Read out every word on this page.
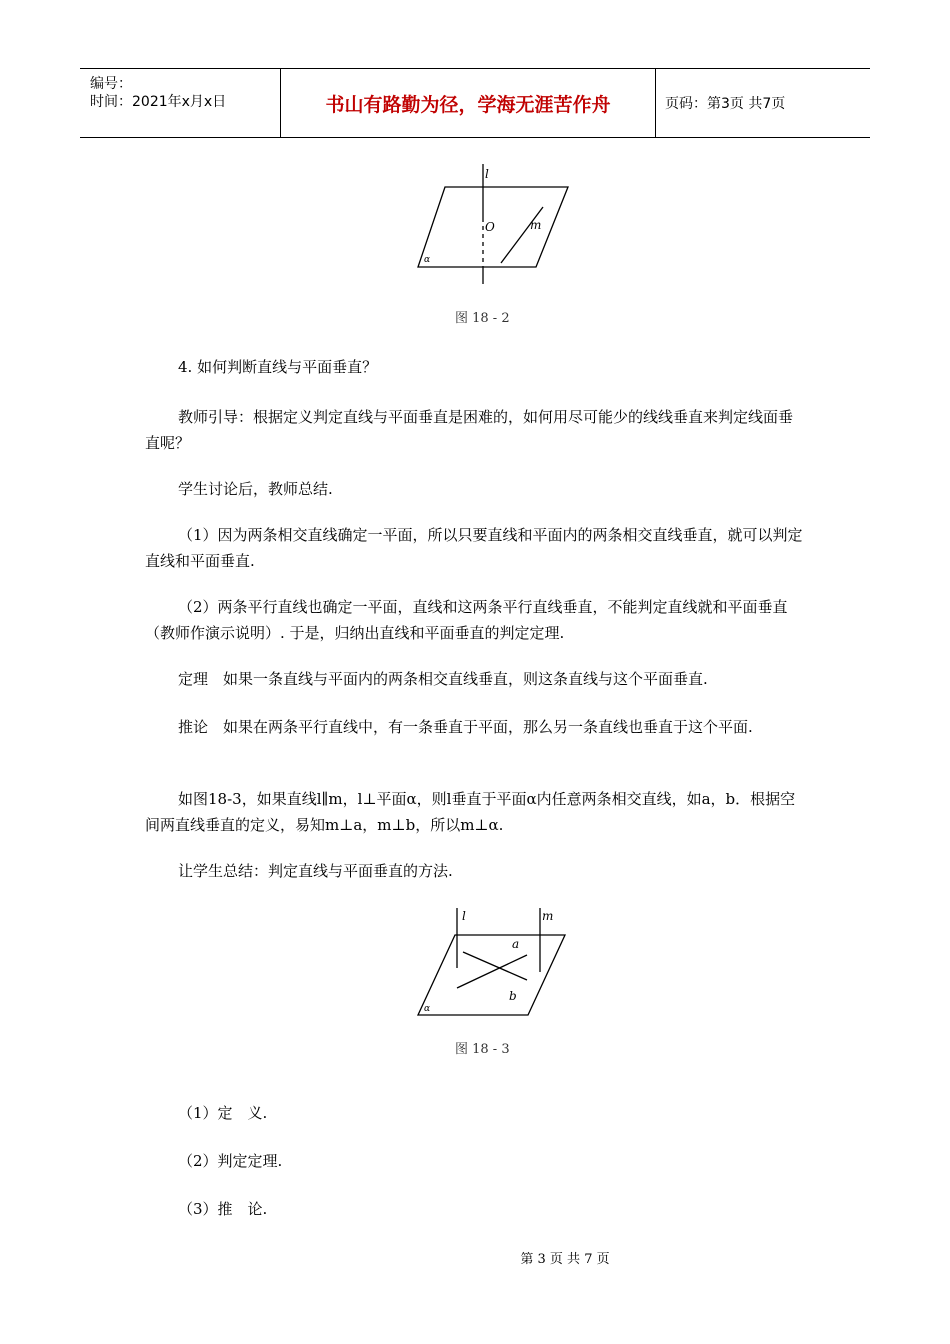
编号：
时间：2021年x月x日	书山有路勤为径，学海无涯苦作舟	页码：第3页 共7页
l
O	m
α
图 18 - 2
4. 如何判断直线与平面垂直？
教师引导：根据定义判定直线与平面垂直是困难的，如何用尽可能少的线线垂直来判定线面垂直呢？
学生讨论后，教师总结.
（1）因为两条相交直线确定一平面，所以只要直线和平面内的两条相交直线垂直，就可以判定直线和平面垂直.
（2）两条平行直线也确定一平面，直线和这两条平行直线垂直，不能判定直线就和平面垂直（教师作演示说明）. 于是，归纳出直线和平面垂直的判定定理.
定理　如果一条直线与平面内的两条相交直线垂直，则这条直线与这个平面垂直.
推论　如果在两条平行直线中，有一条垂直于平面，那么另一条直线也垂直于这个平面.
如图18-3，如果直线l∥m，l⊥平面α，则l垂直于平面α内任意两条相交直线，如a，b．根据空间两直线垂直的定义，易知m⊥a，m⊥b，所以m⊥α.
让学生总结：判定直线与平面垂直的方法.
l	m
a
b
α
图 18 - 3
（1）定　义.
（2）判定定理.
（3）推　论.
第 3 页 共 7 页
